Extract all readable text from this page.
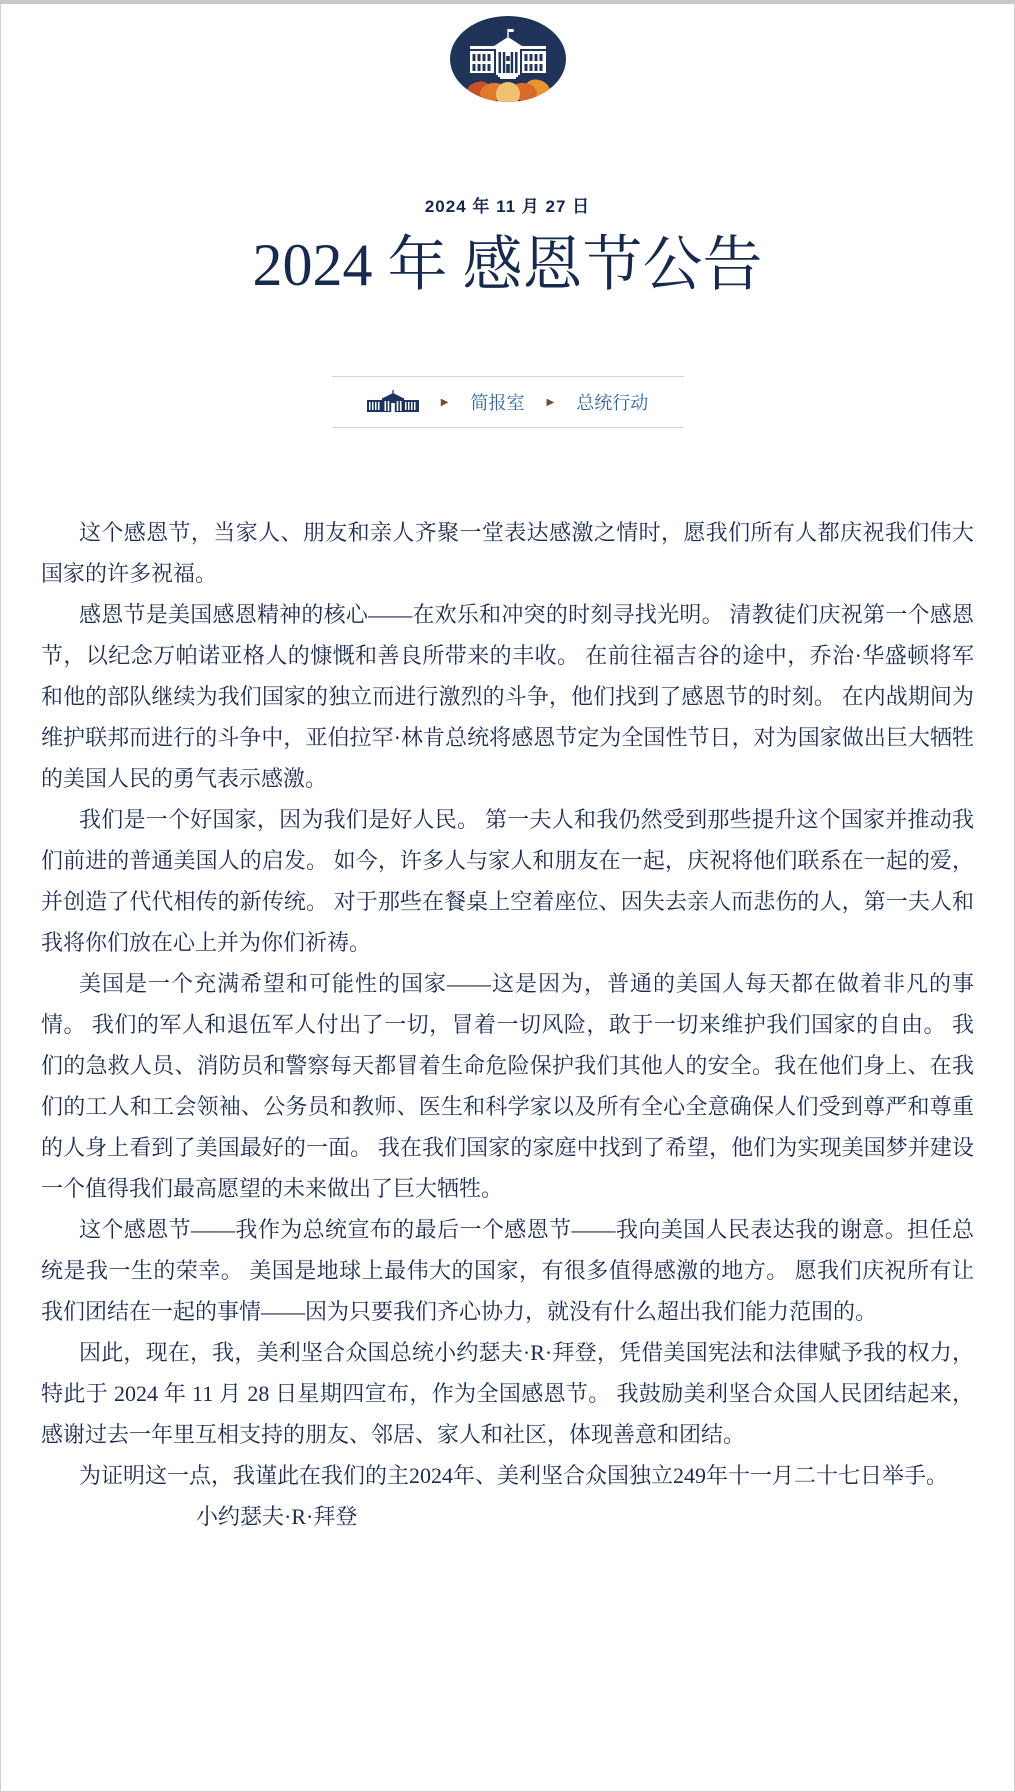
2024 年 11 月 27 日
2024 年 感恩节公告
▶ 简报室 ▶ 总统行动

这个感恩节，当家人、朋友和亲人齐聚一堂表达感激之情时，愿我们所有人都庆祝我们伟大国家的许多祝福。

感恩节是美国感恩精神的核心——在欢乐和冲突的时刻寻找光明。 清教徒们庆祝第一个感恩节，以纪念万帕诺亚格人的慷慨和善良所带来的丰收。 在前往福吉谷的途中，乔治·华盛顿将军和他的部队继续为我们国家的独立而进行激烈的斗争，他们找到了感恩节的时刻。 在内战期间为维护联邦而进行的斗争中，亚伯拉罕·林肯总统将感恩节定为全国性节日，对为国家做出巨大牺牲的美国人民的勇气表示感激。

我们是一个好国家，因为我们是好人民。 第一夫人和我仍然受到那些提升这个国家并推动我们前进的普通美国人的启发。 如今，许多人与家人和朋友在一起，庆祝将他们联系在一起的爱，并创造了代代相传的新传统。 对于那些在餐桌上空着座位、因失去亲人而悲伤的人，第一夫人和我将你们放在心上并为你们祈祷。

美国是一个充满希望和可能性的国家——这是因为，普通的美国人每天都在做着非凡的事情。 我们的军人和退伍军人付出了一切，冒着一切风险，敢于一切来维护我们国家的自由。 我们的急救人员、消防员和警察每天都冒着生命危险保护我们其他人的安全。我在他们身上、在我们的工人和工会领袖、公务员和教师、医生和科学家以及所有全心全意确保人们受到尊严和尊重的人身上看到了美国最好的一面。 我在我们国家的家庭中找到了希望，他们为实现美国梦并建设一个值得我们最高愿望的未来做出了巨大牺牲。

这个感恩节——我作为总统宣布的最后一个感恩节——我向美国人民表达我的谢意。担任总统是我一生的荣幸。 美国是地球上最伟大的国家，有很多值得感激的地方。 愿我们庆祝所有让我们团结在一起的事情——因为只要我们齐心协力，就没有什么超出我们能力范围的。

因此，现在，我，美利坚合众国总统小约瑟夫·R·拜登，凭借美国宪法和法律赋予我的权力，特此于 2024 年 11 月 28 日星期四宣布，作为全国感恩节。 我鼓励美利坚合众国人民团结起来，感谢过去一年里互相支持的朋友、邻居、家人和社区，体现善意和团结。

为证明这一点，我谨此在我们的主2024年、美利坚合众国独立249年十一月二十七日举手。

小约瑟夫·R·拜登
